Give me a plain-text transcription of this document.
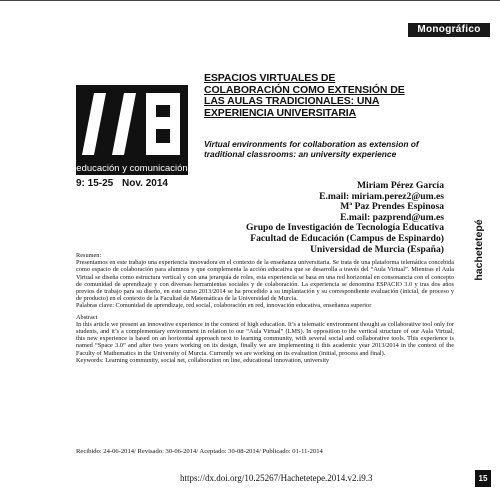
Monográfico
educación y comunicación
9: 15-25 Nov. 2014
ESPACIOS VIRTUALES DE COLABORACIÓN COMO EXTENSIÓN DE LAS AULAS TRADICIONALES: UNA EXPERIENCIA UNIVERSITARIA
Virtual environments for collaboration as extension of traditional classrooms: an university experience
Miriam Pérez García
E.mail: miriam.perez2@um.es
Mª Paz Prendes Espinosa
E.mail: pazprend@um.es
Grupo de Investigación de Tecnología Educativa
Facultad de Educación (Campus de Espinardo)
Universidad de Murcia (España)	hachetetepé

Resumen:
Presentamos en este trabajo una experiencia innovadora en el contexto de la enseñanza universitaria. Se trata de una plataforma telemática concebida como espacio de colaboración para alumnos y que complementa la acción educativa que se desarrolla a través del “Aula Virtual”. Mientras el Aula Virtual se diseña como estructura vertical y con una jerarquía de roles, esta experiencia se basa en una red horizontal en consonancia con el concepto de comunidad de aprendizaje y con diversas herramientas sociales y de colaboración. La experiencia se denomina ESPACIO 3.0 y tras dos años previos de trabajo para su diseño, en este curso 2013/2014 se ha procedido a su implantación y su correspondiente evaluación (inicial, de proceso y de producto) en el contexto de la Facultad de Matemáticas de la Universidad de Murcia.
Palabras clave: Comunidad de aprendizaje, red social, colaboración en red, innovación educativa, enseñanza superior

Abstract
In this article we present an innovative experience in the context of high education. It’s a telematic environment thought as collaborative tool only for students, and it’s a complementary environment in relation to our “Aula Virtual” (LMS). In opposition to the vertical structure of our Aula Virtual, this new experience is based on an horizontal approach next to learning community, with several social and collaborative tools. This experience is named “Space 3.0” and after two years working on its design, finally we are implementing it this academic year 2013/2014 in the context of the Faculty of Mathematics in the University of Murcia. Currently we are working on its evaluation (initial, process and final).
Keywords: Learning community, social net, collaboration on line, educational innovation, university

Recibido: 24-06-2014/ Revisado: 30-06-2014/ Aceptado: 30-08-2014/ Publicado: 01-11-2014
https://dx.doi.org/10.25267/Hachetetepe.2014.v2.i9.3	15
